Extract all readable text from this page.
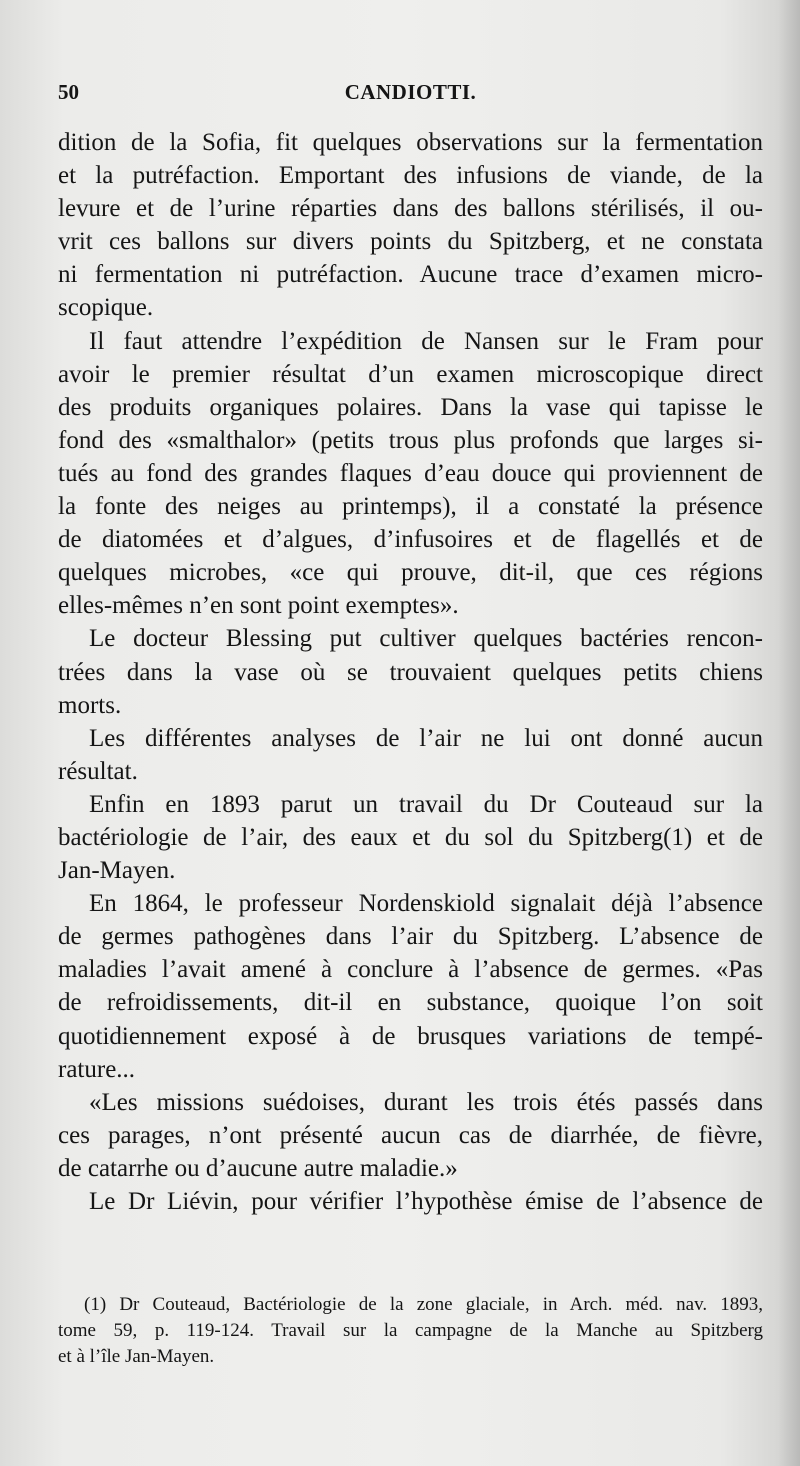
50	CANDIOTTI.
dition de la Sofia, fit quelques observations sur la fermentation
et la putréfaction. Emportant des infusions de viande, de la
levure et de l’urine réparties dans des ballons stérilisés, il ou-
vrit ces ballons sur divers points du Spitzberg, et ne constata
ni fermentation ni putréfaction. Aucune trace d’examen micro-
scopique.
Il faut attendre l’expédition de Nansen sur le Fram pour
avoir le premier résultat d’un examen microscopique direct
des produits organiques polaires. Dans la vase qui tapisse le
fond des «smalthalor» (petits trous plus profonds que larges si-
tués au fond des grandes flaques d’eau douce qui proviennent de
la fonte des neiges au printemps), il a constaté la présence
de diatomées et d’algues, d’infusoires et de flagellés et de
quelques microbes, «ce qui prouve, dit-il, que ces régions
elles-mêmes n’en sont point exemptes».
Le docteur Blessing put cultiver quelques bactéries rencon-
trées dans la vase où se trouvaient quelques petits chiens
morts.
Les différentes analyses de l’air ne lui ont donné aucun
résultat.
Enfin en 1893 parut un travail du Dr Couteaud sur la
bactériologie de l’air, des eaux et du sol du Spitzberg(1) et de
Jan-Mayen.
En 1864, le professeur Nordenskiold signalait déjà l’absence
de germes pathogènes dans l’air du Spitzberg. L’absence de
maladies l’avait amené à conclure à l’absence de germes. «Pas
de refroidissements, dit-il en substance, quoique l’on soit
quotidiennement exposé à de brusques variations de tempé-
rature...
«Les missions suédoises, durant les trois étés passés dans
ces parages, n’ont présenté aucun cas de diarrhée, de fièvre,
de catarrhe ou d’aucune autre maladie.»
Le Dr Liévin, pour vérifier l’hypothèse émise de l’absence de
(1) Dr Couteaud, Bactériologie de la zone glaciale, in Arch. méd. nav. 1893,
tome 59, p. 119-124. Travail sur la campagne de la Manche au Spitzberg
et à l’île Jan-Mayen.
